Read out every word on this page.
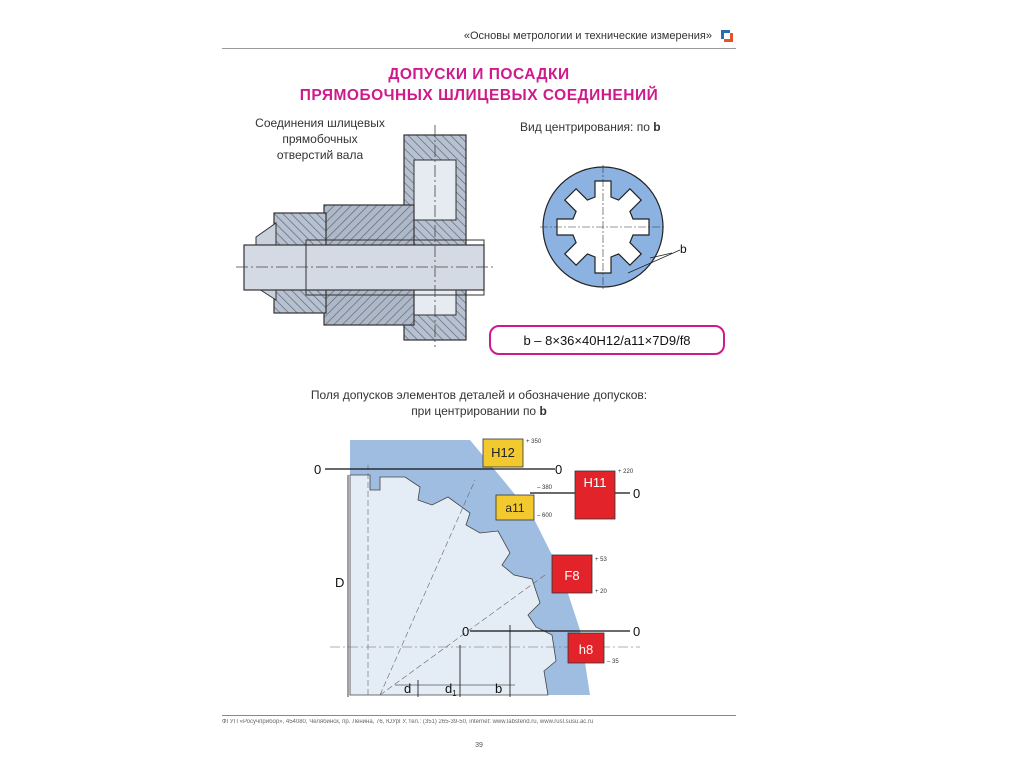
«Основы метрологии и технические измерения»
ДОПУСКИ И ПОСАДКИ
ПРЯМОБОЧНЫХ ШЛИЦЕВЫХ СОЕДИНЕНИЙ
Соединения шлицевых
прямобочных
отверстий вала
Вид центрирования: по b
b
b – 8×36×40H12/a11×7D9/f8
Поля допусков элементов деталей и обозначение допусков:
при центрировании по b
0	0
0
0	0
H12
+ 350
a11
– 380
– 600
H11
+ 220
F8
+ 53
+ 20
h8
– 35
D
d	$d_1$	b
ФГУП «Росучприбор», 454080, Челябинск, пр. Ленина, 76, ЮУрГУ, тел.: (351) 265-39-50, internet: www.labstend.ru, www.rusl.susu.ac.ru
39
